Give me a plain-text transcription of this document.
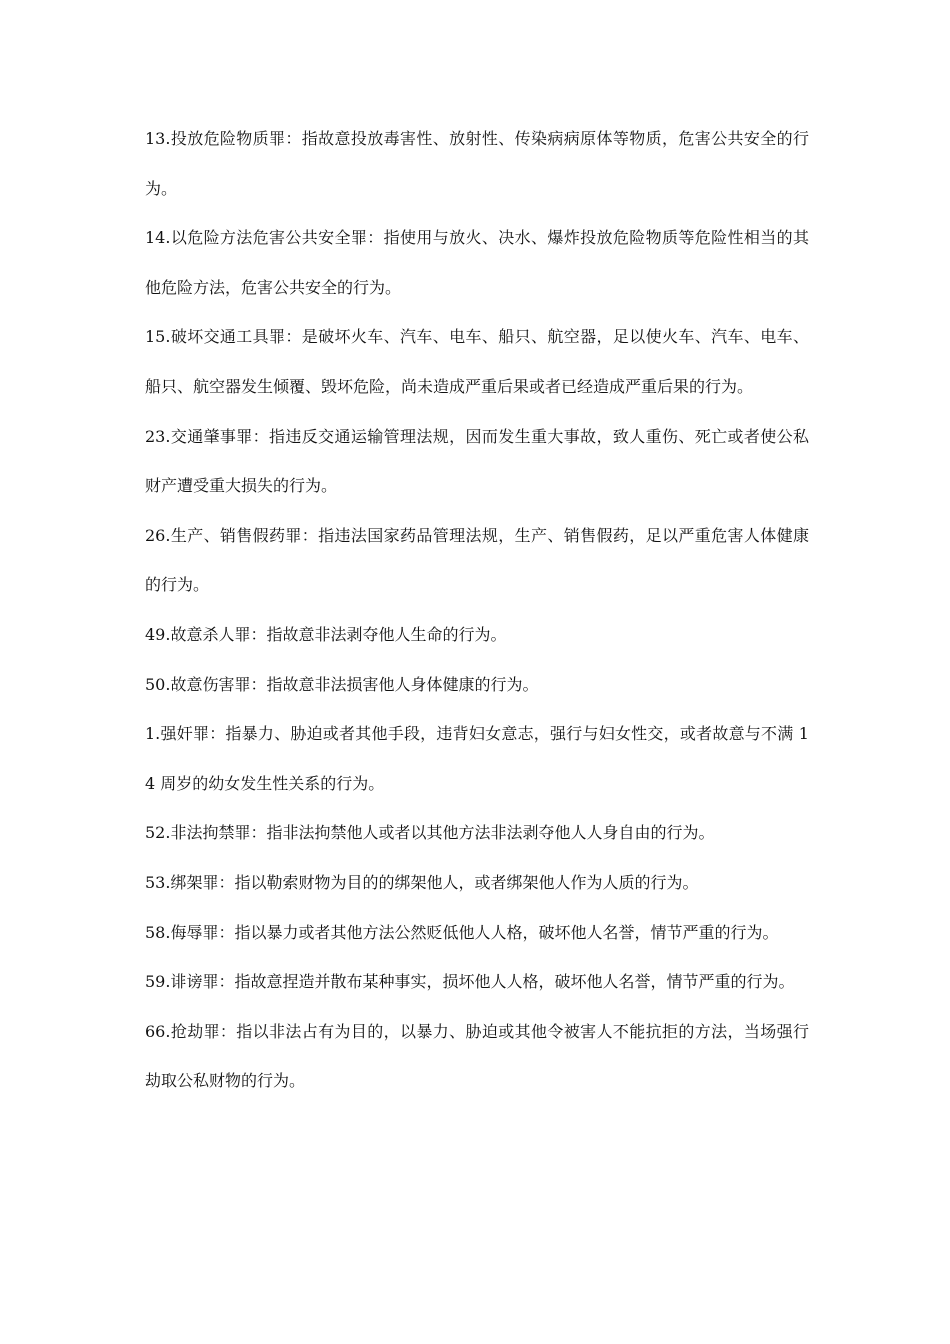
13.投放危险物质罪：指故意投放毒害性、放射性、传染病病原体等物质，危害公共安全的行为。

14.以危险方法危害公共安全罪：指使用与放火、决水、爆炸投放危险物质等危险性相当的其他危险方法，危害公共安全的行为。

15.破坏交通工具罪：是破坏火车、汽车、电车、船只、航空器，足以使火车、汽车、电车、船只、航空器发生倾覆、毁坏危险，尚未造成严重后果或者已经造成严重后果的行为。

23.交通肇事罪：指违反交通运输管理法规，因而发生重大事故，致人重伤、死亡或者使公私财产遭受重大损失的行为。

26.生产、销售假药罪：指违法国家药品管理法规，生产、销售假药，足以严重危害人体健康的行为。

49.故意杀人罪：指故意非法剥夺他人生命的行为。

50.故意伤害罪：指故意非法损害他人身体健康的行为。

1.强奸罪：指暴力、胁迫或者其他手段，违背妇女意志，强行与妇女性交，或者故意与不满 14 周岁的幼女发生性关系的行为。

52.非法拘禁罪：指非法拘禁他人或者以其他方法非法剥夺他人人身自由的行为。

53.绑架罪：指以勒索财物为目的的绑架他人，或者绑架他人作为人质的行为。

58.侮辱罪：指以暴力或者其他方法公然贬低他人人格，破坏他人名誉，情节严重的行为。

59.诽谤罪：指故意捏造并散布某种事实，损坏他人人格，破坏他人名誉，情节严重的行为。

66.抢劫罪：指以非法占有为目的，以暴力、胁迫或其他令被害人不能抗拒的方法，当场强行劫取公私财物的行为。
